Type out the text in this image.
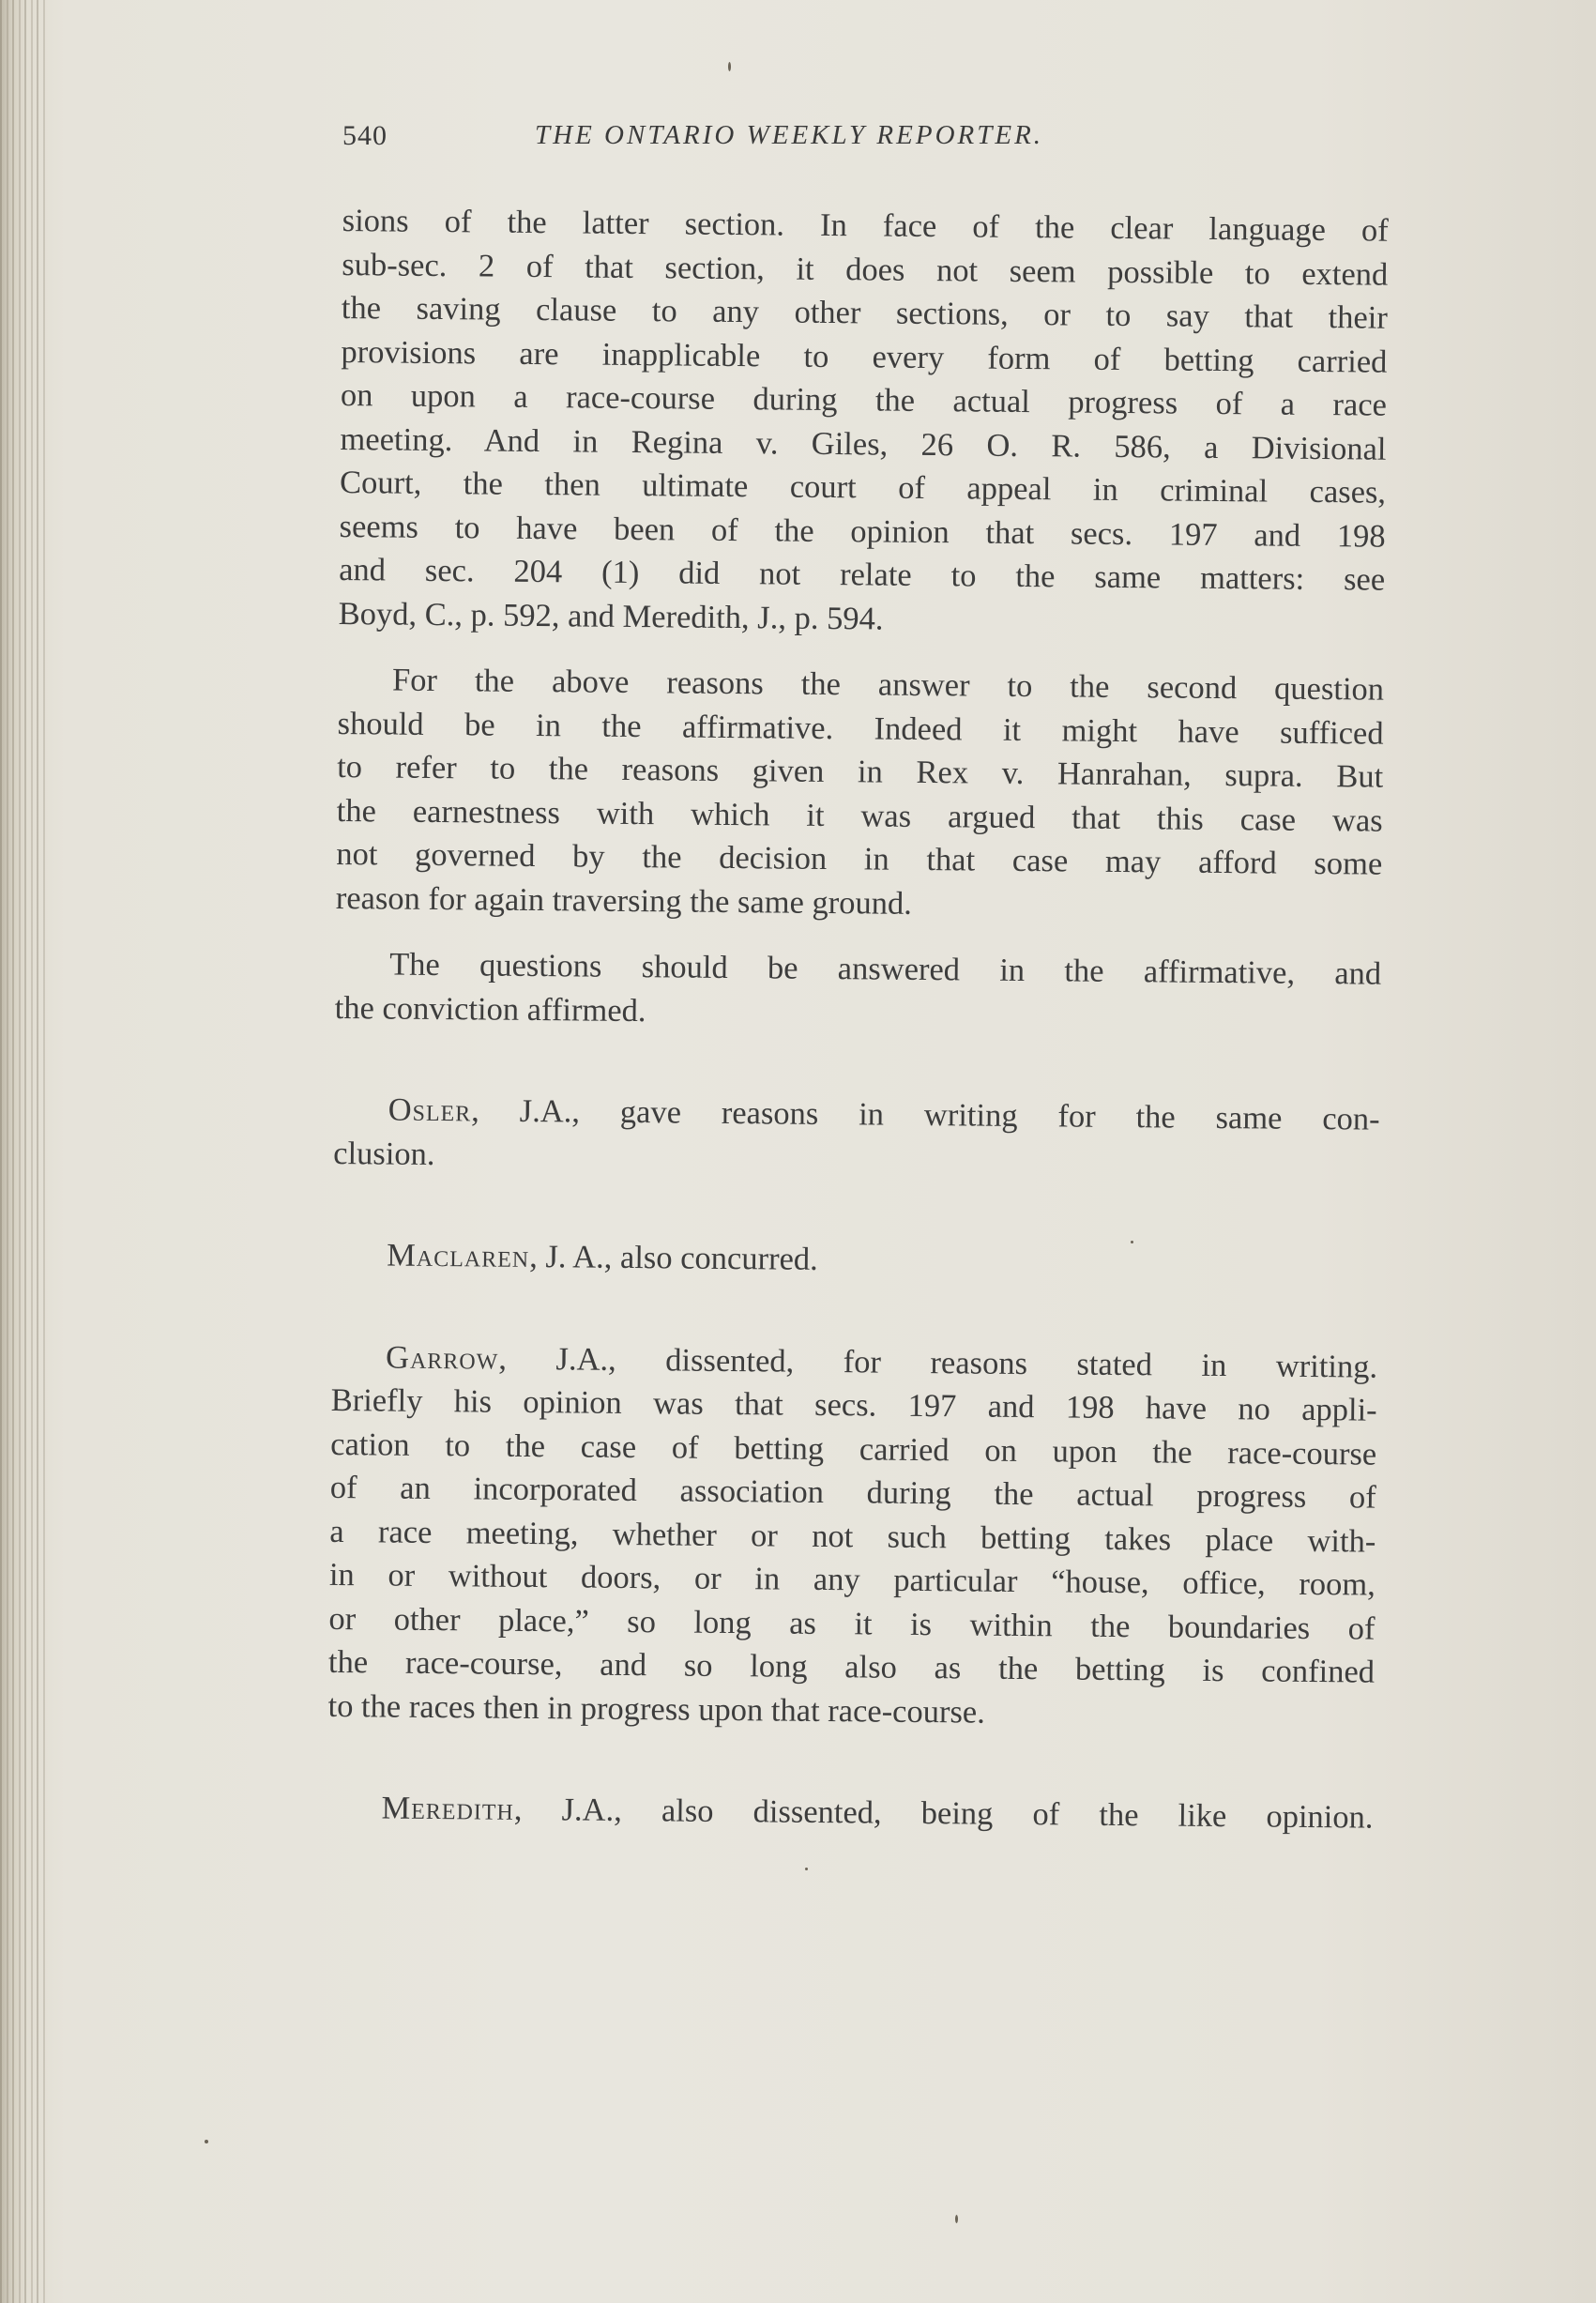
540	THE ONTARIO WEEKLY REPORTER.

sions of the latter section. In face of the clear language of
sub-sec. 2 of that section, it does not seem possible to extend
the saving clause to any other sections, or to say that their
provisions are inapplicable to every form of betting carried
on upon a race-course during the actual progress of a race
meeting. And in Regina v. Giles, 26 O. R. 586, a Divisional
Court, the then ultimate court of appeal in criminal cases,
seems to have been of the opinion that secs. 197 and 198
and sec. 204 (1) did not relate to the same matters: see
Boyd, C., p. 592, and Meredith, J., p. 594.

For the above reasons the answer to the second question
should be in the affirmative. Indeed it might have sufficed
to refer to the reasons given in Rex v. Hanrahan, supra. But
the earnestness with which it was argued that this case was
not governed by the decision in that case may afford some
reason for again traversing the same ground.

The questions should be answered in the affirmative, and
the conviction affirmed.

Osler, J.A., gave reasons in writing for the same con-
clusion.

Maclaren, J. A., also concurred.

Garrow, J.A., dissented, for reasons stated in writing.
Briefly his opinion was that secs. 197 and 198 have no appli-
cation to the case of betting carried on upon the race-course
of an incorporated association during the actual progress of
a race meeting, whether or not such betting takes place with-
in or without doors, or in any particular “house, office, room,
or other place,” so long as it is within the boundaries of
the race-course, and so long also as the betting is confined
to the races then in progress upon that race-course.

Meredith, J.A., also dissented, being of the like opinion.
